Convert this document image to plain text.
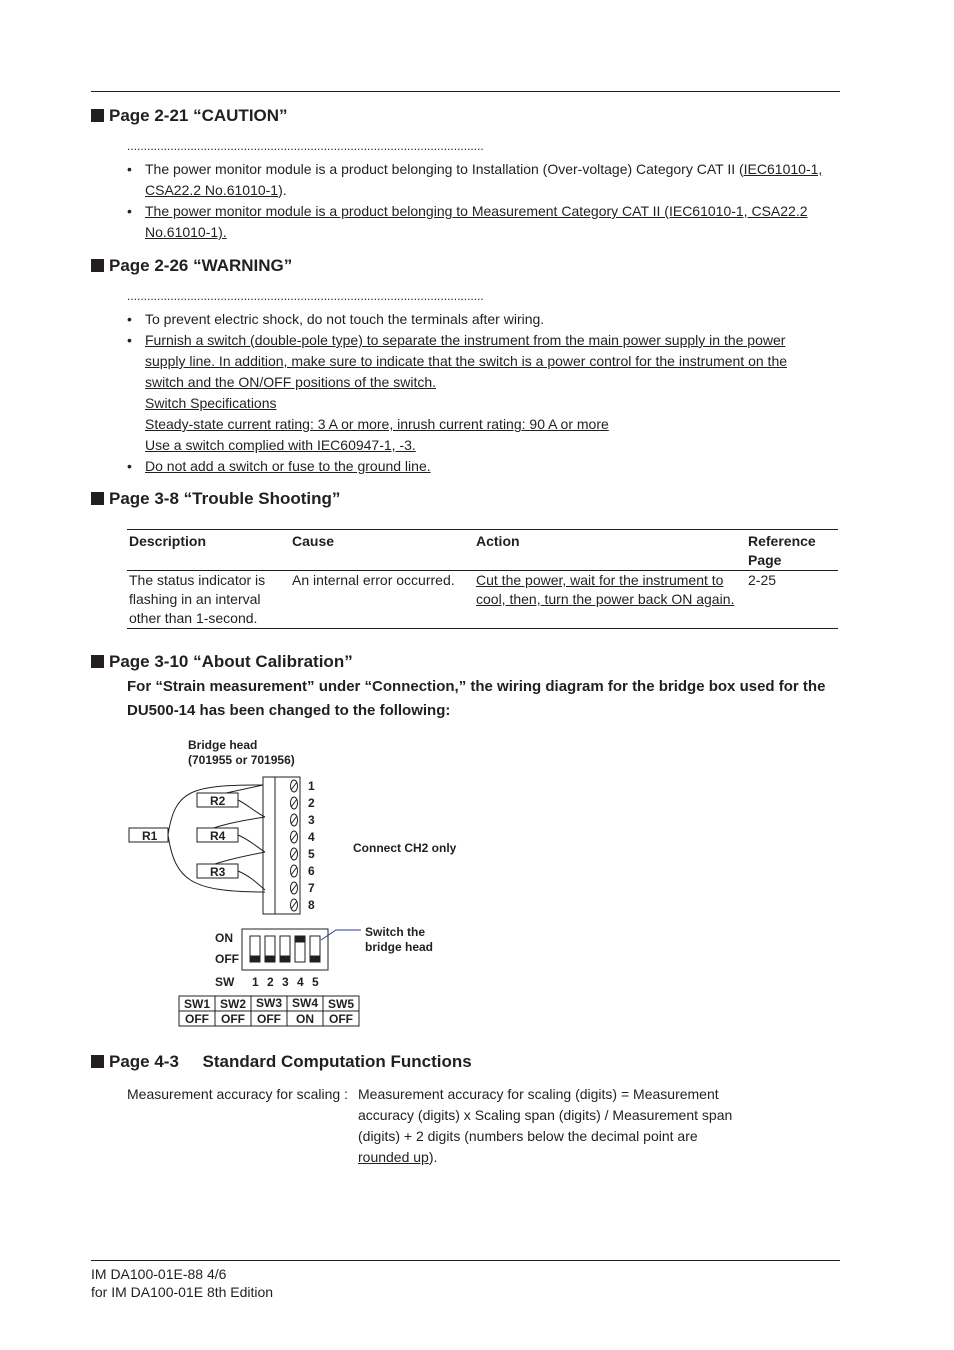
Page 2-21 “CAUTION”
...........................................................................................................
• The power monitor module is a product belonging to Installation (Over-voltage) Category CAT II (IEC61010-1,
CSA22.2 No.61010-1).
• The power monitor module is a product belonging to Measurement Category CAT II (IEC61010-1, CSA22.2 No.61010-1).
Page 2-26 “WARNING”
...........................................................................................................
• To prevent electric shock, do not touch the terminals after wiring.
• Furnish a switch (double-pole type) to separate the instrument from the main power supply in the power
supply line. In addition, make sure to indicate that the switch is a power control for the instrument on the
switch and the ON/OFF positions of the switch.
Switch Specifications
Steady-state current rating: 3 A or more, inrush current rating: 90 A or more
Use a switch complied with IEC60947-1, -3.
• Do not add a switch or fuse to the ground line.
Page 3-8 “Trouble Shooting”
Description	Cause	Action	Reference Page
The status indicator is flashing in an interval other than 1-second.	An internal error occurred.	Cut the power, wait for the instrument to cool, then, turn the power back ON again.	2-25
Page 3-10 “About Calibration”
For “Strain measurement” under “Connection,” the wiring diagram for the bridge box used for the DU500-14 has been changed to the following:
Bridge head
(701955 or 701956)
1
2
3
4
5
6
7
8
R1
R2
R4
R3
Connect CH2 only
ON
OFF
SW 1 2 3 4 5
Switch the
bridge head
SW1 SW2 SW3 SW4 SW5
OFF OFF OFF ON OFF
Page 4-3     Standard Computation Functions
Measurement accuracy for scaling : Measurement accuracy for scaling (digits) = Measurement accuracy (digits) x Scaling span (digits) / Measurement span (digits) + 2 digits (numbers below the decimal point are rounded up).
IM DA100-01E-88 4/6
for IM DA100-01E 8th Edition
